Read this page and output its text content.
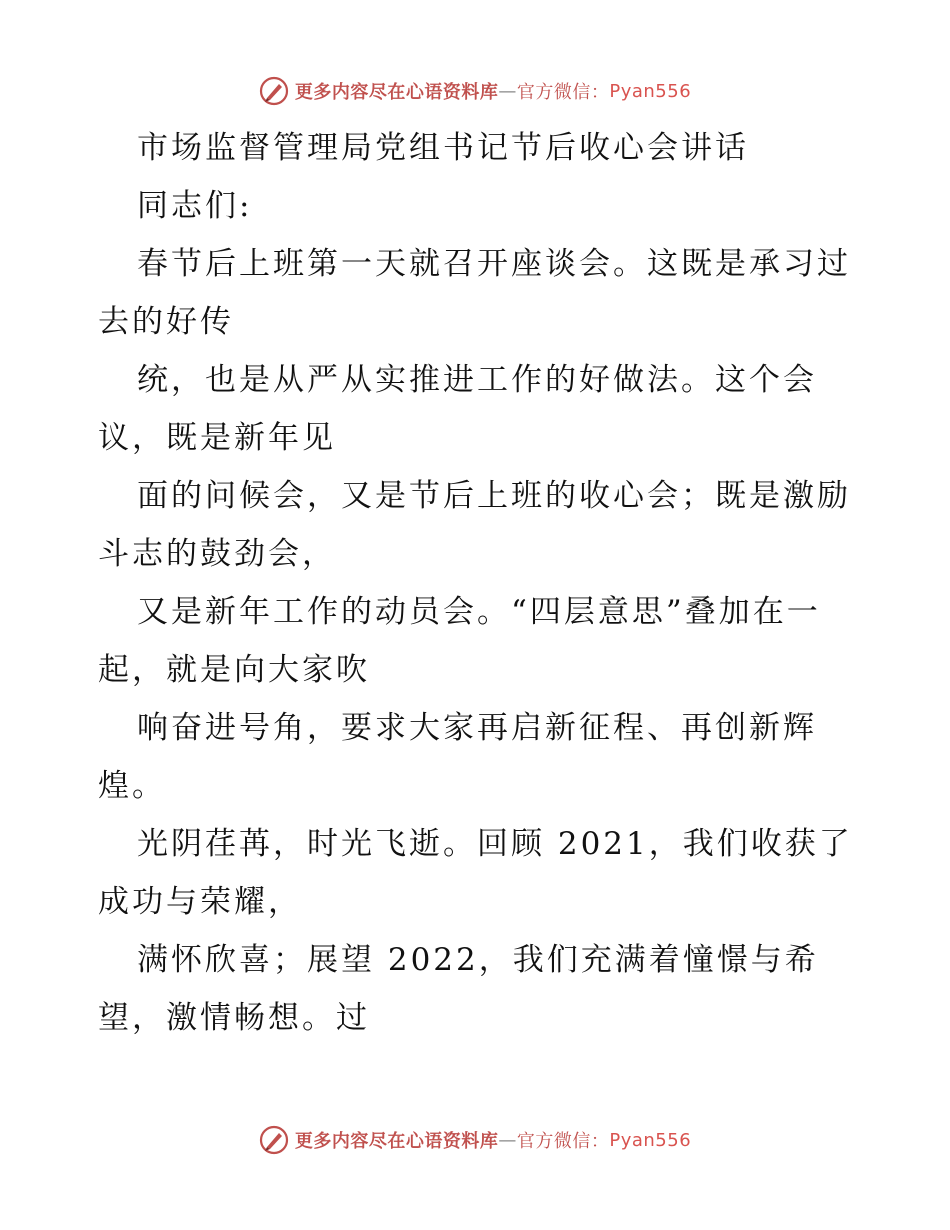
更多内容尽在心语资料库 — 官方微信： Pyan556
市场监督管理局党组书记节后收心会讲话
同志们:
春节后上班第一天就召开座谈会。这既是承习过
去的好传
统，也是从严从实推进工作的好做法。这个会
议，既是新年见
面的问候会，又是节后上班的收心会；既是激励
斗志的鼓劲会，
又是新年工作的动员会。“四层意思”叠加在一
起，就是向大家吹
响奋进号角，要求大家再启新征程、再创新辉
煌。
光阴荏苒，时光飞逝。回顾 2021，我们收获了
成功与荣耀，
满怀欣喜；展望 2022，我们充满着憧憬与希
望，激情畅想。过
更多内容尽在心语资料库 — 官方微信： Pyan556
